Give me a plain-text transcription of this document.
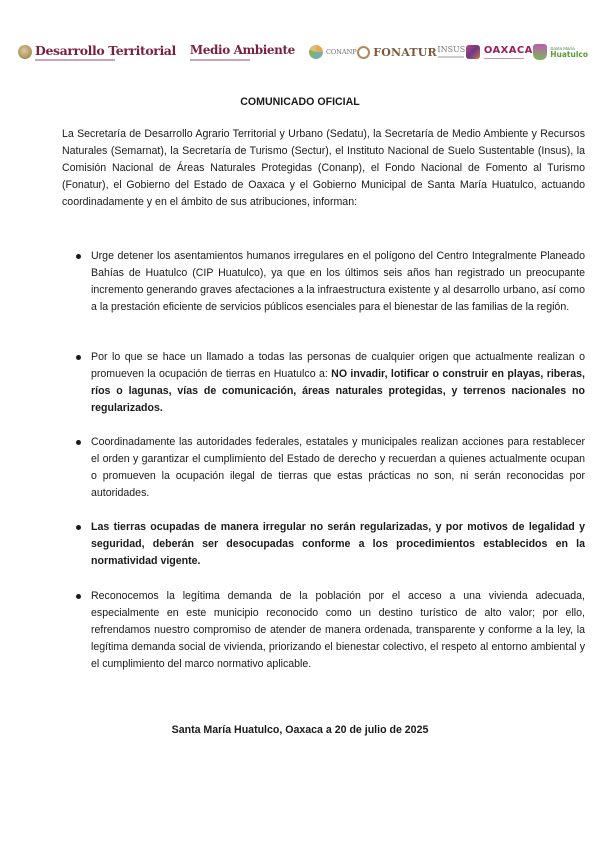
Desarrollo Territorial Medio Ambiente	CONANP FONATUR INSUS OAXACA	Santa María
Huatulco
COMUNICADO OFICIAL

La Secretaría de Desarrollo Agrario Territorial y Urbano (Sedatu), la Secretaría de Medio Ambiente y Recursos Naturales (Semarnat), la Secretaría de Turismo (Sectur), el Instituto Nacional de Suelo Sustentable (Insus), la Comisión Nacional de Áreas Naturales Protegidas (Conanp), el Fondo Nacional de Fomento al Turismo (Fonatur), el Gobierno del Estado de Oaxaca y el Gobierno Municipal de Santa María Huatulco, actuando coordinadamente y en el ámbito de sus atribuciones, informan:

Urge detener los asentamientos humanos irregulares en el polígono del Centro Integralmente Planeado Bahías de Huatulco (CIP Huatulco), ya que en los últimos seis años han registrado un preocupante incremento generando graves afectaciones a la infraestructura existente y al desarrollo urbano, así como a la prestación eficiente de servicios públicos esenciales para el bienestar de las familias de la región.
Por lo que se hace un llamado a todas las personas de cualquier origen que actualmente realizan o promueven la ocupación de tierras en Huatulco a: NO invadir, lotificar o construir en playas, riberas, ríos o lagunas, vías de comunicación, áreas naturales protegidas, y terrenos nacionales no regularizados.
Coordinadamente las autoridades federales, estatales y municipales realizan acciones para restablecer el orden y garantizar el cumplimiento del Estado de derecho y recuerdan a quienes actualmente ocupan o promueven la ocupación ilegal de tierras que estas prácticas no son, ni serán reconocidas por autoridades.
Las tierras ocupadas de manera irregular no serán regularizadas, y por motivos de legalidad y seguridad, deberán ser desocupadas conforme a los procedimientos establecidos en la normatividad vigente.
Reconocemos la legítima demanda de la población por el acceso a una vivienda adecuada, especialmente en este municipio reconocido como un destino turístico de alto valor; por ello, refrendamos nuestro compromiso de atender de manera ordenada, transparente y conforme a la ley, la legítima demanda social de vivienda, priorizando el bienestar colectivo, el respeto al entorno ambiental y el cumplimiento del marco normativo aplicable.
Santa María Huatulco, Oaxaca a 20 de julio de 2025
